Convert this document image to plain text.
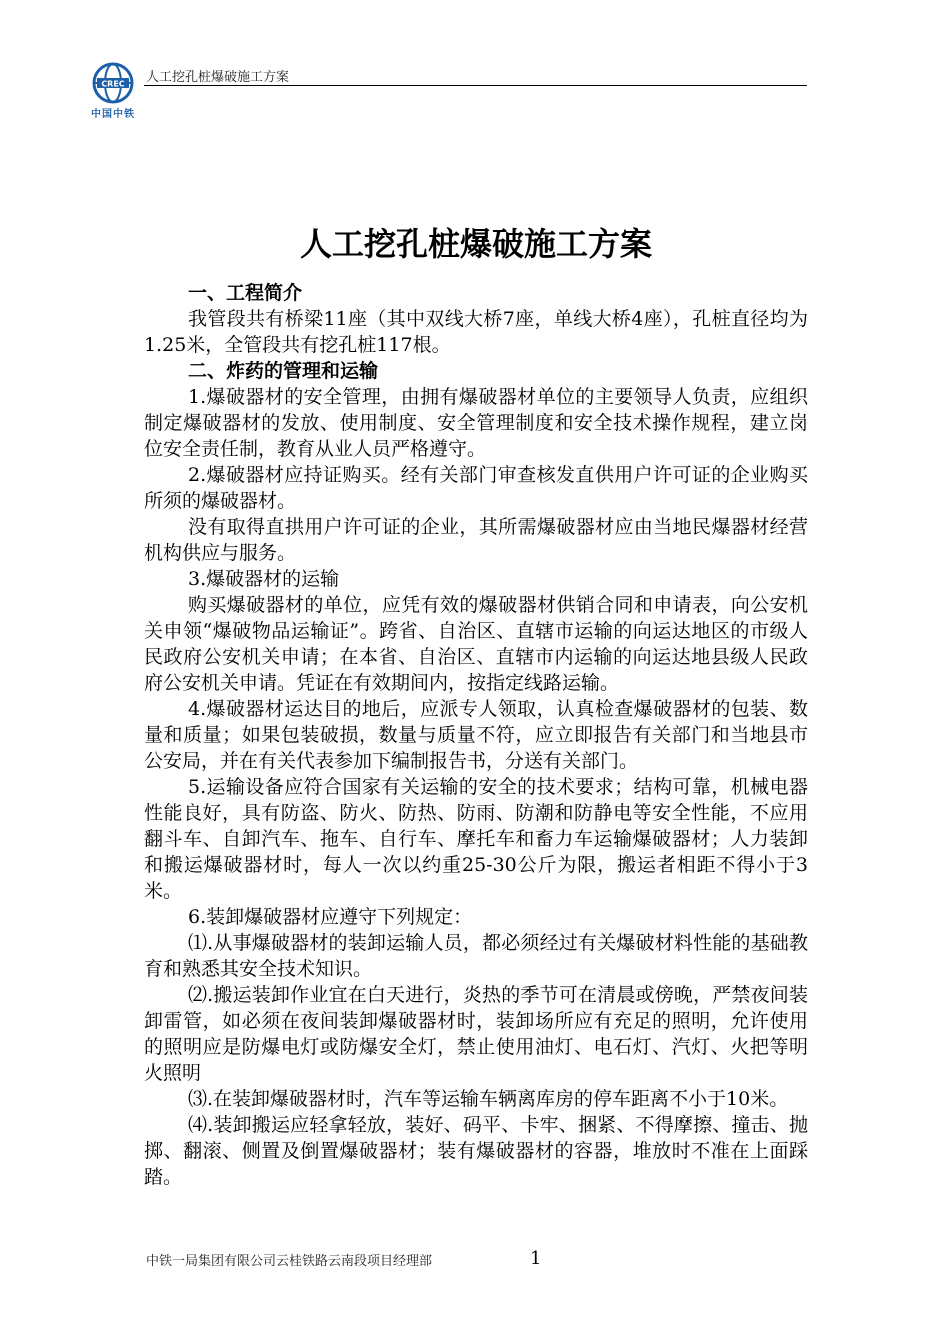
CREC
中国中铁
人工挖孔桩爆破施工方案
人工挖孔桩爆破施工方案
一、工程简介

我管段共有桥梁11座（其中双线大桥7座，单线大桥4座），孔桩直径均为1.25米，全管段共有挖孔桩117根。

二、炸药的管理和运输

1.爆破器材的安全管理，由拥有爆破器材单位的主要领导人负责，应组织制定爆破器材的发放、使用制度、安全管理制度和安全技术操作规程，建立岗位安全责任制，教育从业人员严格遵守。

2.爆破器材应持证购买。经有关部门审查核发直供用户许可证的企业购买所须的爆破器材。

没有取得直拱用户许可证的企业，其所需爆破器材应由当地民爆器材经营机构供应与服务。

3.爆破器材的运输

购买爆破器材的单位，应凭有效的爆破器材供销合同和申请表，向公安机关申领“爆破物品运输证”。跨省、自治区、直辖市运输的向运达地区的市级人民政府公安机关申请；在本省、自治区、直辖市内运输的向运达地县级人民政府公安机关申请。凭证在有效期间内，按指定线路运输。

4.爆破器材运达目的地后，应派专人领取，认真检查爆破器材的包装、数量和质量；如果包装破损，数量与质量不符，应立即报告有关部门和当地县市公安局，并在有关代表参加下编制报告书，分送有关部门。

5.运输设备应符合国家有关运输的安全的技术要求；结构可靠，机械电器性能良好，具有防盗、防火、防热、防雨、防潮和防静电等安全性能，不应用翻斗车、自卸汽车、拖车、自行车、摩托车和畜力车运输爆破器材；人力装卸和搬运爆破器材时，每人一次以约重25-30公斤为限，搬运者相距不得小于3米。

6.装卸爆破器材应遵守下列规定：

⑴.从事爆破器材的装卸运输人员，都必须经过有关爆破材料性能的基础教育和熟悉其安全技术知识。

⑵.搬运装卸作业宜在白天进行，炎热的季节可在清晨或傍晚，严禁夜间装卸雷管，如必须在夜间装卸爆破器材时，装卸场所应有充足的照明，允许使用的照明应是防爆电灯或防爆安全灯，禁止使用油灯、电石灯、汽灯、火把等明火照明

⑶.在装卸爆破器材时，汽车等运输车辆离库房的停车距离不小于10米。

⑷.装卸搬运应轻拿轻放，装好、码平、卡牢、捆紧、不得摩擦、撞击、抛掷、翻滚、侧置及倒置爆破器材；装有爆破器材的容器，堆放时不准在上面踩踏。

中铁一局集团有限公司云桂铁路云南段项目经理部	1
